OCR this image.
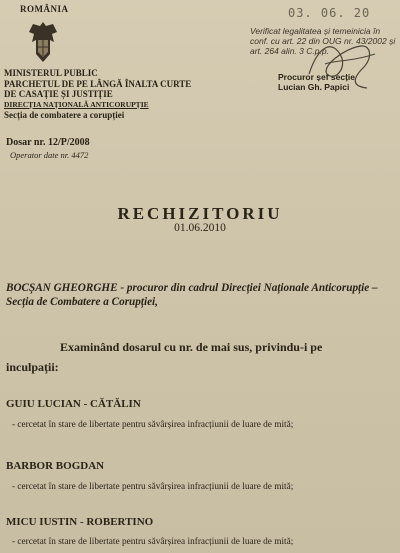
ROMÂNIA
MINISTERUL PUBLIC
PARCHETUL DE PE LÂNGĂ ÎNALTA CURTE
DE CASAȚIE ȘI JUSTIȚIE
DIRECȚIA NAȚIONALĂ ANTICORUPȚIE
Secția de combatere a corupției
Dosar nr. 12/P/2008
Operator date nr. 4472
03. 06. 20
Verificat legalitatea și temeinicia în
conf. cu art. 22 din OUG nr. 43/2002 și
art. 264 alin. 3 C.p.p.
Procuror șef secție
Lucian Gh. Papici
RECHIZITORIU
01.06.2010
BOCȘAN GHEORGHE - procuror din cadrul Direcției Naționale Anticorupție – Secția de Combatere a Corupției,
Examinând dosarul cu nr. de mai sus, privindu-i pe
inculpații:
GUIU LUCIAN - CĂTĂLIN
- cercetat în stare de libertate pentru săvârșirea infracțiunii de luare de mită;
BARBOR BOGDAN
- cercetat în stare de libertate pentru săvârșirea infracțiunii de luare de mită;
MICU IUSTIN - ROBERTINO
- cercetat în stare de libertate pentru săvârșirea infracțiunii de luare de mită;
